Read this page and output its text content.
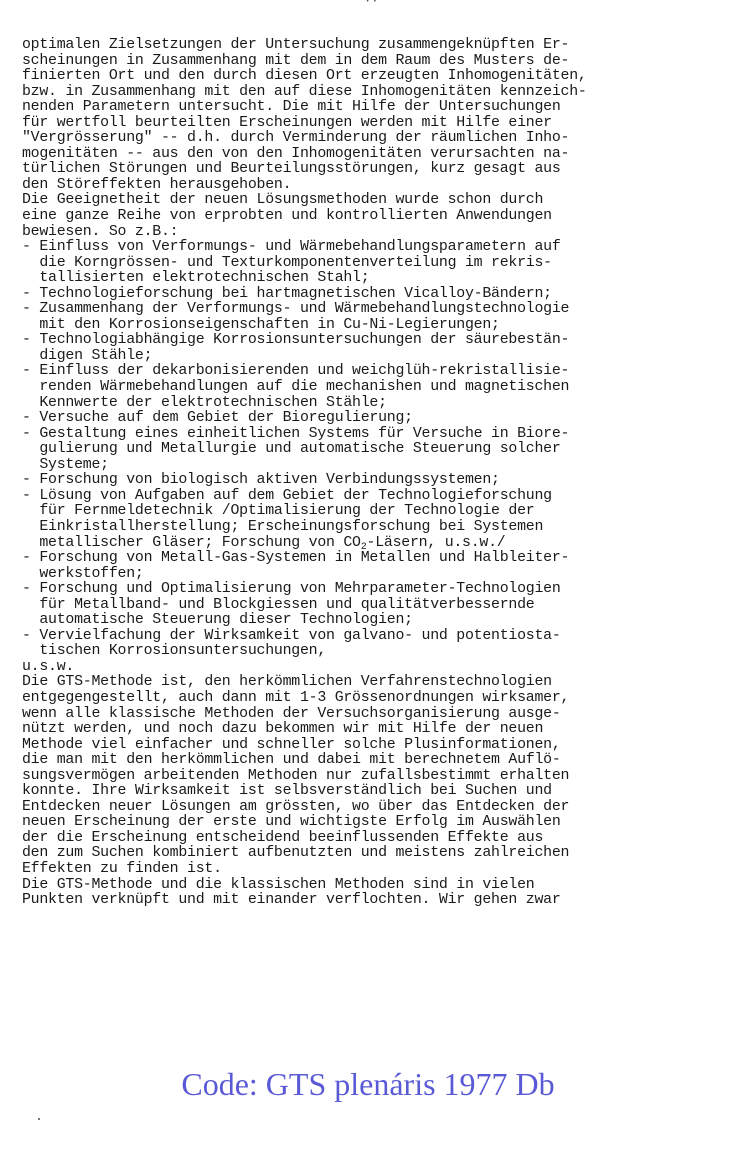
··
optimalen Zielsetzungen der Untersuchung zusammengeknüpften Er-
scheinungen in Zusammenhang mit dem in dem Raum des Musters de-
finierten Ort und den durch diesen Ort erzeugten Inhomogenitäten,
bzw. in Zusammenhang mit den auf diese Inhomogenitäten kennzeich-
nenden Parametern untersucht. Die mit Hilfe der Untersuchungen
für wertfoll beurteilten Erscheinungen werden mit Hilfe einer
"Vergrösserung" -- d.h. durch Verminderung der räumlichen Inho-
mogenitäten -- aus den von den Inhomogenitäten verursachten na-
türlichen Störungen und Beurteilungsstörungen, kurz gesagt aus
den Störeffekten herausgehoben.
Die Geeignetheit der neuen Lösungsmethoden wurde schon durch
eine ganze Reihe von erprobten und kontrollierten Anwendungen
bewiesen. So z.B.:
- Einfluss von Verformungs- und Wärmebehandlungsparametern auf
die Korngrössen- und Texturkomponentenverteilung im rekris-
tallisierten elektrotechnischen Stahl;
- Technologieforschung bei hartmagnetischen Vicalloy-Bändern;
- Zusammenhang der Verformungs- und Wärmebehandlungstechnologie
mit den Korrosionseigenschaften in Cu-Ni-Legierungen;
- Technologiabhängige Korrosionsuntersuchungen der säurebestän-
digen Stähle;
- Einfluss der dekarbonisierenden und weichglüh-rekristallisie-
renden Wärmebehandlungen auf die mechanishen und magnetischen
Kennwerte der elektrotechnischen Stähle;
- Versuche auf dem Gebiet der Bioregulierung;
- Gestaltung eines einheitlichen Systems für Versuche in Biore-
gulierung und Metallurgie und automatische Steuerung solcher
Systeme;
- Forschung von biologisch aktiven Verbindungssystemen;
- Lösung von Aufgaben auf dem Gebiet der Technologieforschung
für Fernmeldetechnik /Optimalisierung der Technologie der
Einkristallherstellung; Erscheinungsforschung bei Systemen
metallischer Gläser; Forschung von $CO_2$-Läsern, u.s.w./
- Forschung von Metall-Gas-Systemen in Metallen und Halbleiter-
werkstoffen;
- Forschung und Optimalisierung von Mehrparameter-Technologien
für Metallband- und Blockgiessen und qualitätverbessernde
automatische Steuerung dieser Technologien;
- Vervielfachung der Wirksamkeit von galvano- und potentiosta-
tischen Korrosionsuntersuchungen,
u.s.w.
Die GTS-Methode ist, den herkömmlichen Verfahrenstechnologien
entgegengestellt, auch dann mit 1-3 Grössenordnungen wirksamer,
wenn alle klassische Methoden der Versuchsorganisierung ausge-
nützt werden, und noch dazu bekommen wir mit Hilfe der neuen
Methode viel einfacher und schneller solche Plusinformationen,
die man mit den herkömmlichen und dabei mit berechnetem Auflö-
sungsvermögen arbeitenden Methoden nur zufallsbestimmt erhalten
konnte. Ihre Wirksamkeit ist selbsverständlich bei Suchen und
Entdecken neuer Lösungen am grössten, wo über das Entdecken der
neuen Erscheinung der erste und wichtigste Erfolg im Auswählen
der die Erscheinung entscheidend beeinflussenden Effekte aus
den zum Suchen kombiniert aufbenutzten und meistens zahlreichen
Effekten zu finden ist.
Die GTS-Methode und die klassischen Methoden sind in vielen
Punkten verknüpft und mit einander verflochten. Wir gehen zwar
Code: GTS plenáris 1977 Db
